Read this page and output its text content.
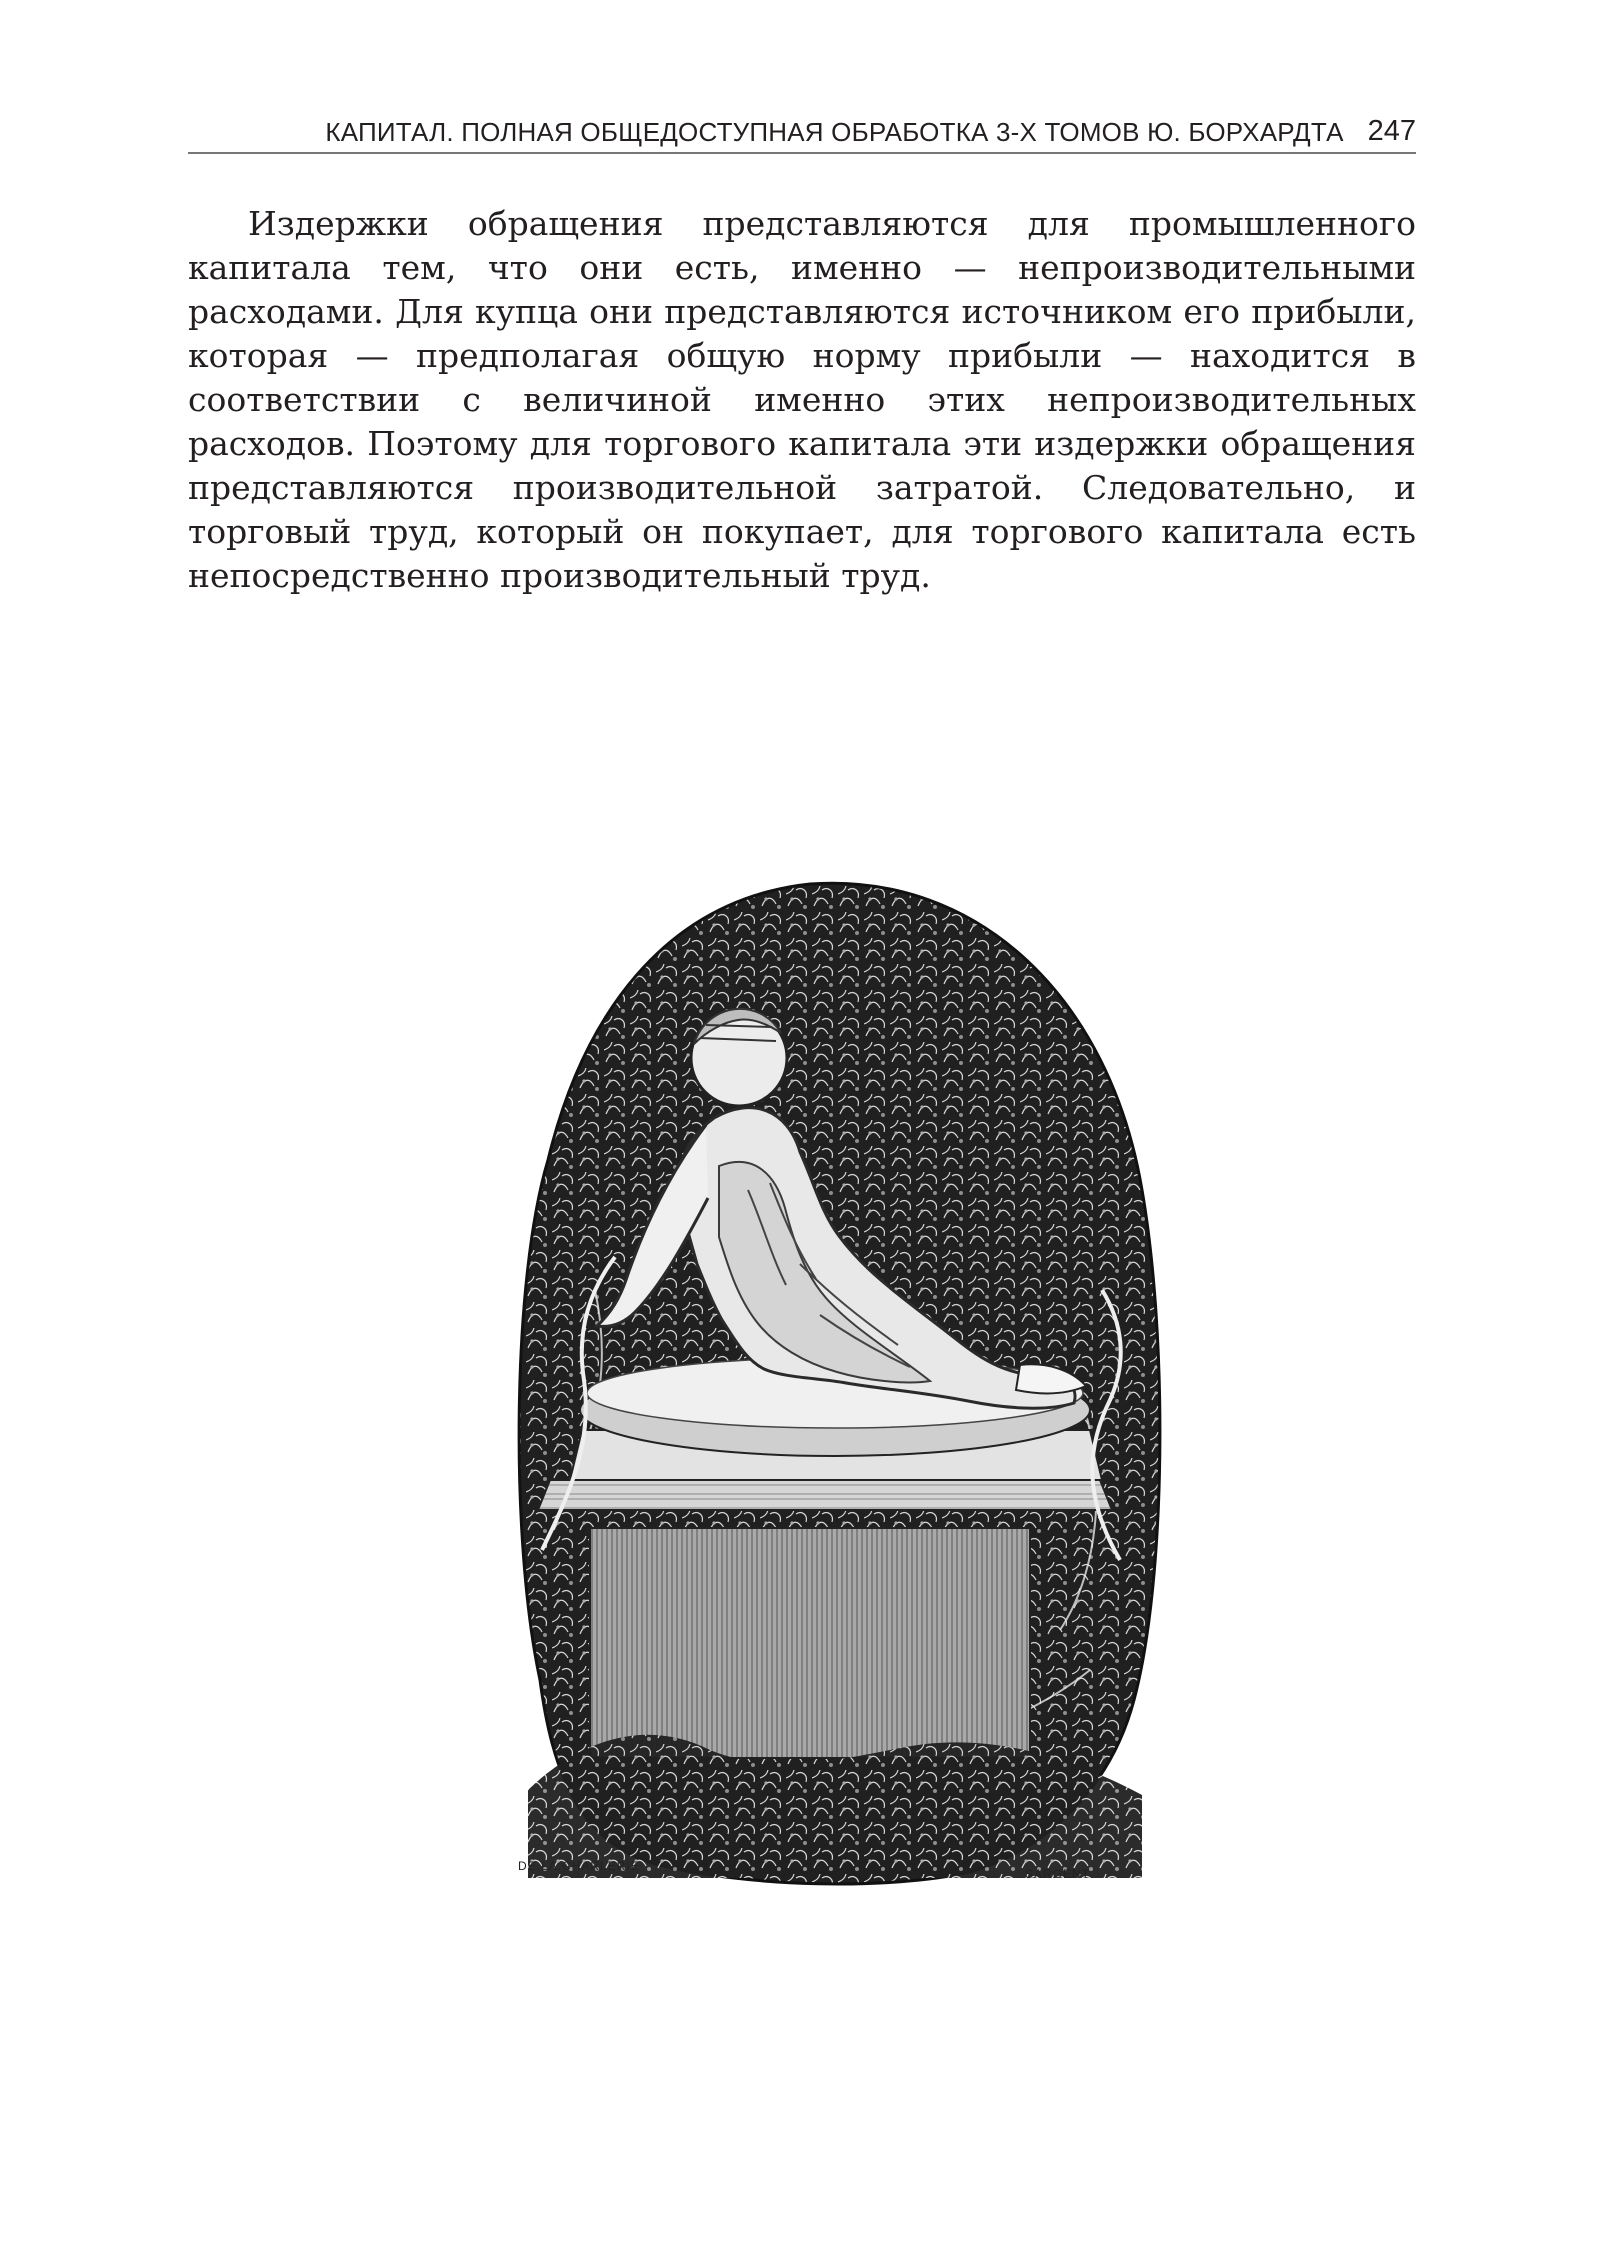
КАПИТАЛ. ПОЛНАЯ ОБЩЕДОСТУПНАЯ ОБРАБОТКА 3-Х ТОМОВ Ю. БОРХАРДТА 247

Издержки обращения представляются для промышленного капитала тем, что они есть, именно — непроизводительными расходами. Для купца они представляются источником его прибыли, которая — предполагая общую норму прибыли — находится в соответствии с величиной именно этих непроизводительных расходов. Поэтому для торгового капитала эти издержки обращения представляются производительной затратой. Следовательно, и торговый труд, который он покупает, для торгового капитала есть непосредственно производительный труд.

DE.LA.CHARLERIE
SARGENT
